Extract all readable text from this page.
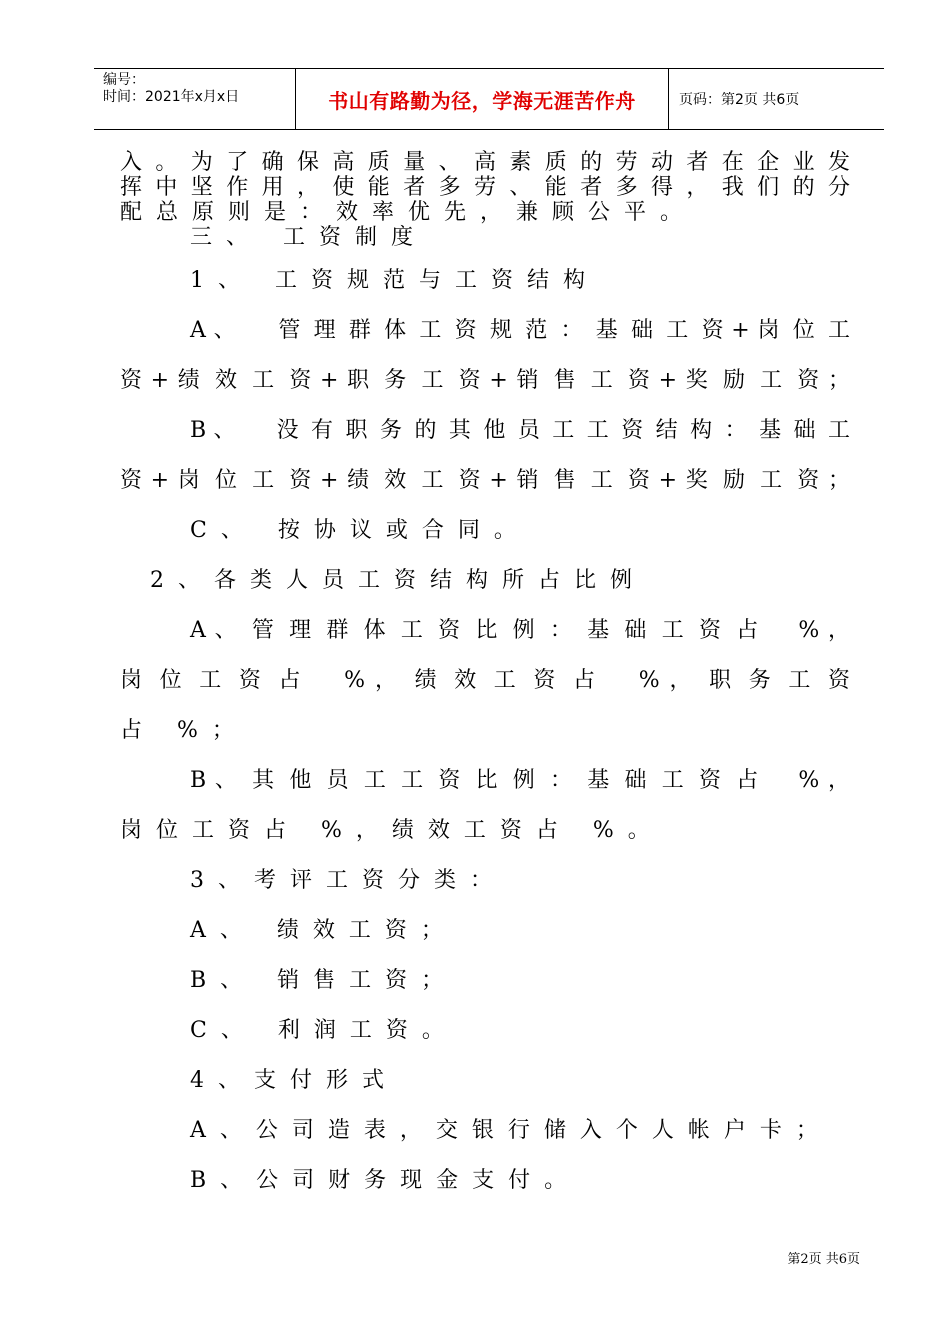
编号：
时间：2021年x月x日	书山有路勤为径，学海无涯苦作舟	页码：第2页 共6页

入 。 为 了 确 保 高 质 量 、 高 素 质 的 劳 动 者 在 企 业 发

挥 中 坚 作 用 ， 使 能 者 多 劳 、 能 者 多 得 ， 我 们 的 分

配总原则是：效率优先，兼顾公平。

三、 工资制度

1、 工资规范与工资结构

A 、     管 理 群 体 工 资 规 范 ： 基 础 工 资 + 岗 位 工

资 + 绩 效 工 资 + 职 务 工 资 + 销 售 工 资 + 奖 励 工 资 ；

B 、     没 有 职 务 的 其 他 员 工 工 资 结 构 ： 基 础 工

资 + 岗 位 工 资 + 绩 效 工 资 + 销 售 工 资 + 奖 励 工 资 ；

C、 按协议或合同。

2、各类人员工资结构所占比例

A 、 管 理 群 体 工 资 比 例 ： 基 础 工 资 占     % ，

岗 位 工 资 占     % ， 绩 效 工 资 占     % ， 职 务 工 资

占 %；

B 、 其 他 员 工 工 资 比 例 ： 基 础 工 资 占     % ，

岗位工资占 %，绩效工资占 %。

3、考评工资分类：

A、 绩效工资；

B、 销售工资；

C、 利润工资。

4、支付形式

A、公司造表，交银行储入个人帐户卡；

B、公司财务现金支付。

第2页 共6页
